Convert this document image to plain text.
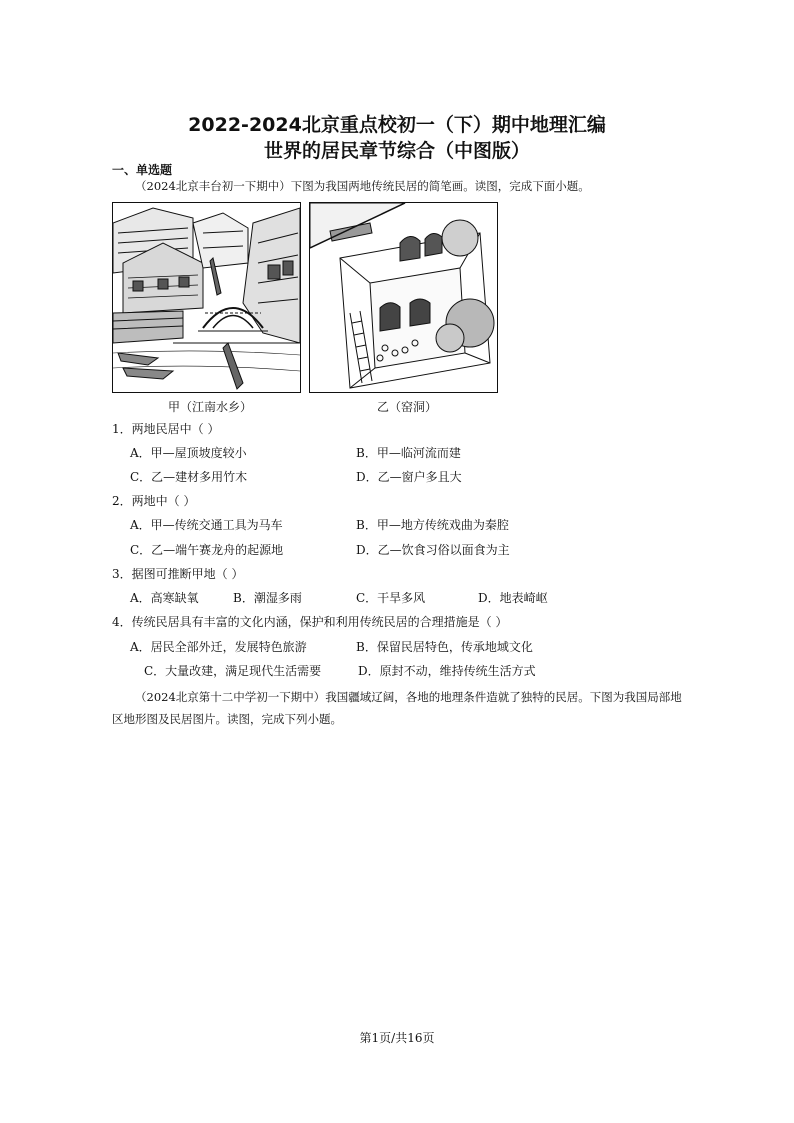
2022-2024北京重点校初一（下）期中地理汇编
世界的居民章节综合（中图版）
一、单选题
（2024北京丰台初一下期中）下图为我国两地传统民居的简笔画。读图，完成下面小题。
甲（江南水乡）	乙（窑洞）
1．两地民居中（ ）
A．甲—屋顶坡度较小	B．甲—临河流而建
C．乙—建材多用竹木	D．乙—窗户多且大
2．两地中（ ）
A．甲—传统交通工具为马车	B．甲—地方传统戏曲为秦腔
C．乙—端午赛龙舟的起源地	D．乙—饮食习俗以面食为主
3．据图可推断甲地（ ）
A．高寒缺氧	B．潮湿多雨	C．干旱多风	D．地表崎岖
4．传统民居具有丰富的文化内涵，保护和利用传统民居的合理措施是（ ）
A．居民全部外迁，发展特色旅游	B．保留民居特色，传承地域文化
C．大量改建，满足现代生活需要	D．原封不动，维持传统生活方式
（2024北京第十二中学初一下期中）我国疆域辽阔，各地的地理条件造就了独特的民居。下图为我国局部地区地形图及民居图片。读图，完成下列小题。
第1页/共16页
